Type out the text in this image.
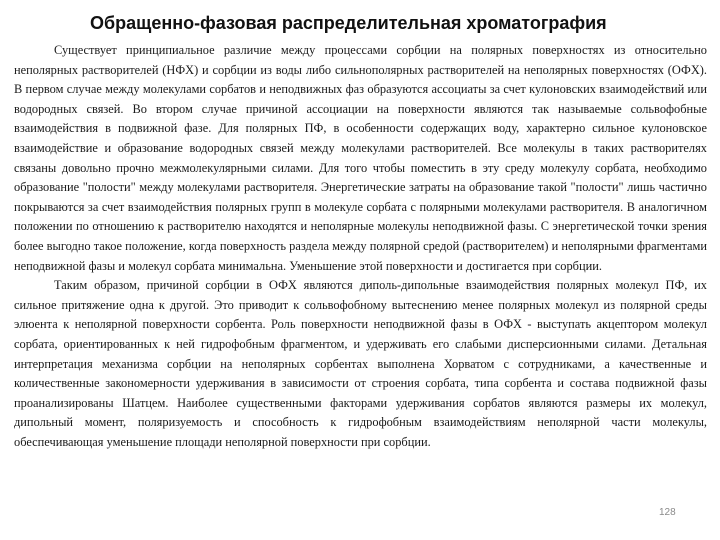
Обращенно-фазовая распределительная хроматография

Существует принципиальное различие между процессами сорбции на полярных поверхностях из относительно неполярных растворителей (НФХ) и сорбции из воды либо сильнополярных растворителей на неполярных поверхностях (ОФХ). В первом случае между молекулами сорбатов и неподвижных фаз образуются ассоциаты за счет кулоновских взаимодействий или водородных связей. Во втором случае причиной ассоциации на поверхности являются так называемые сольвофобные взаимодействия в подвижной фазе. Для полярных ПФ, в особенности содержащих воду, характерно сильное кулоновское взаимодействие и образование водородных связей между молекулами растворителей. Все молекулы в таких растворителях связаны довольно прочно межмолекулярными силами. Для того чтобы поместить в эту среду молекулу сорбата, необходимо образование "полости" между молекулами растворителя. Энергетические затраты на образование такой "полости" лишь частично покрываются за счет взаимодействия полярных групп в молекуле сорбата с полярными молекулами растворителя. В аналогичном положении по отношению к растворителю находятся и неполярные молекулы неподвижной фазы. С энергетической точки зрения более выгодно такое положение, когда поверхность раздела между полярной средой (растворителем) и неполярными фрагментами неподвижной фазы и молекул сорбата минимальна. Уменьшение этой поверхности и достигается при сорбции.

Таким образом, причиной сорбции в ОФХ являются диполь-дипольные взаимодействия полярных молекул ПФ, их сильное притяжение одна к другой. Это приводит к сольвофобному вытеснению менее полярных молекул из полярной среды элюента к неполярной поверхности сорбента. Роль поверхности неподвижной фазы в ОФХ - выступать акцептором молекул сорбата, ориентированных к ней гидрофобным фрагментом, и удерживать его слабыми дисперсионными силами. Детальная интерпретация механизма сорбции на неполярных сорбентах выполнена Хорватом с сотрудниками, а качественные и количественные закономерности удерживания в зависимости от строения сорбата, типа сорбента и состава подвижной фазы проанализированы Шатцем. Наиболее существенными факторами удерживания сорбатов являются размеры их молекул, дипольный момент, поляризуемость и способность к гидрофобным взаимодействиям неполярной части молекулы, обеспечивающая уменьшение площади неполярной поверхности при сорбции.

128
